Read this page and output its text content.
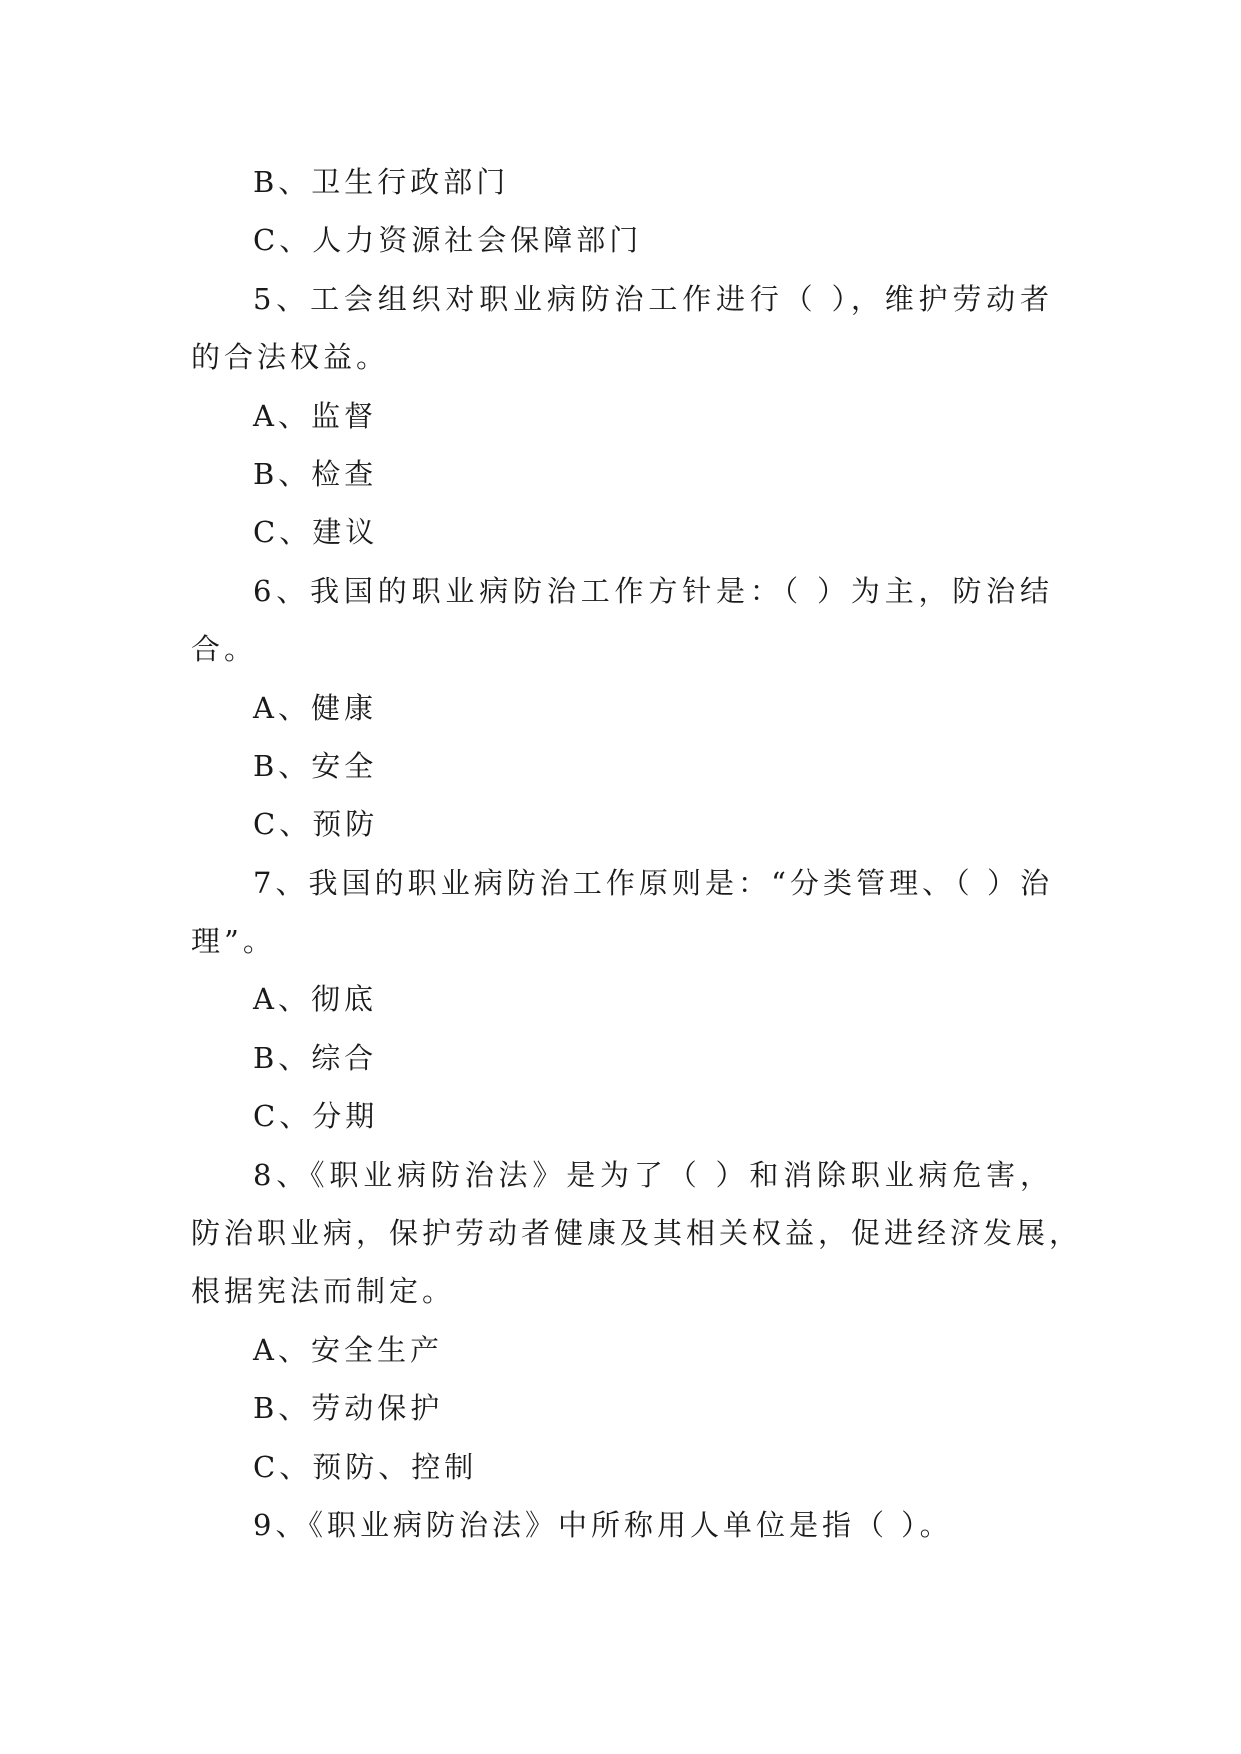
B、卫生行政部门
C、人力资源社会保障部门
5、工会组织对职业病防治工作进行（ ），维护劳动者
的合法权益。
A、监督
B、检查
C、建议
6、我国的职业病防治工作方针是：（ ）为主，防治结
合。
A、健康
B、安全
C、预防
7、我国的职业病防治工作原则是：“分类管理、（ ）治
理”。
A、彻底
B、综合
C、分期
8、《职业病防治法》是为了（ ）和消除职业病危害，
防治职业病，保护劳动者健康及其相关权益，促进经济发展，
根据宪法而制定。
A、安全生产
B、劳动保护
C、预防、控制
9、《职业病防治法》中所称用人单位是指（ ）。
